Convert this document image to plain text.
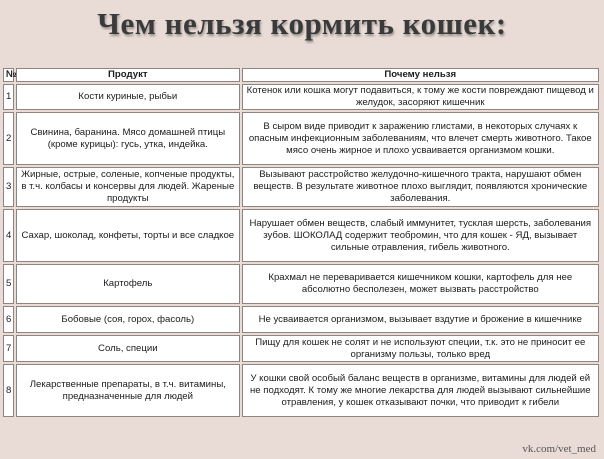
Чем нельзя кормить кошек:
№	Продукт	Почему нельзя
1	Кости куриные, рыбьи	Котенок или кошка могут подавиться, к тому же кости повреждают пищевод и желудок, засоряют кишечник
2	Свинина, баранина. Мясо домашней птицы (кроме курицы): гусь, утка, индейка.	В сыром виде приводит к заражению глистами, в некоторых случаях к опасным инфекционным заболеваниям, что влечет смерть животного. Такое мясо очень жирное и плохо усваивается организмом кошки.
3	Жирные, острые, соленые, копченые продукты, в т.ч. колбасы и консервы для людей. Жареные продукты	Вызывают расстройство желудочно-кишечного тракта, нарушают обмен веществ. В результате животное плохо выглядит, появляются хронические заболевания.
4	Сахар, шоколад, конфеты, торты и все сладкое	Нарушает обмен веществ, слабый иммунитет, тусклая шерсть, заболевания зубов. ШОКОЛАД содержит теобромин, что для кошек - ЯД, вызывает сильные отравления, гибель животного.
5	Картофель	Крахмал не переваривается кишечником кошки, картофель для нее абсолютно бесполезен, может вызвать расстройство
6	Бобовые (соя, горох, фасоль)	Не усваивается организмом, вызывает вздутие и брожение в кишечнике
7	Соль, специи	Пищу для кошек не солят и не используют специи, т.к. это не приносит ее организму пользы, только вред
8	Лекарственные препараты, в т.ч. витамины, предназначенные для людей	У кошки свой особый баланс веществ в организме, витамины для людей ей не подходят. К тому же многие лекарства для людей вызывают сильнейшие отравления, у кошек отказывают почки, что приводит к гибели
vk.com/vet_med
